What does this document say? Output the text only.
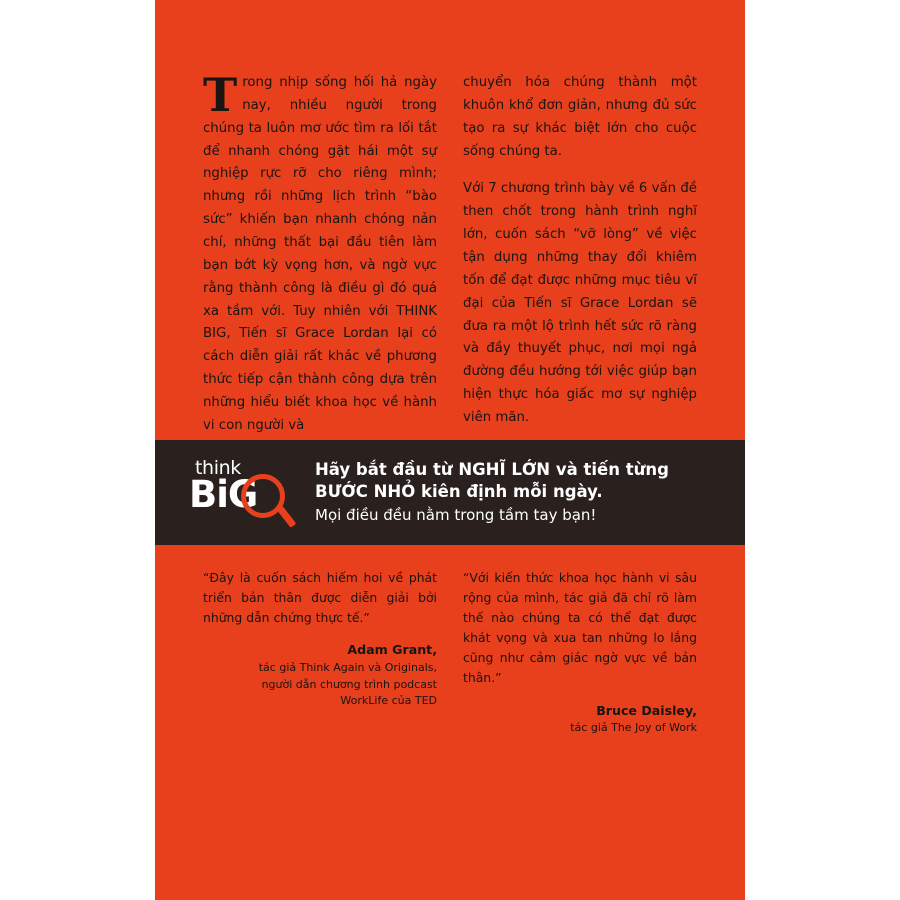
Trong nhịp sống hối hả ngày nay, nhiều người trong chúng ta luôn mơ ước tìm ra lối tắt để nhanh chóng gặt hái một sự nghiệp rực rỡ cho riêng mình; nhưng rồi những lịch trình “bào sức” khiến bạn nhanh chóng nản chí, những thất bại đầu tiên làm bạn bớt kỳ vọng hơn, và ngờ vực rằng thành công là điều gì đó quá xa tầm với. Tuy nhiên với THINK BIG, Tiến sĩ Grace Lordan lại có cách diễn giải rất khác về phương thức tiếp cận thành công dựa trên những hiểu biết khoa học về hành vi con người và

chuyển hóa chúng thành một khuôn khổ đơn giản, nhưng đủ sức tạo ra sự khác biệt lớn cho cuộc sống chúng ta.

Với 7 chương trình bày về 6 vấn đề then chốt trong hành trình nghĩ lớn, cuốn sách “vỡ lòng” về việc tận dụng những thay đổi khiêm tốn để đạt được những mục tiêu vĩ đại của Tiến sĩ Grace Lordan sẽ đưa ra một lộ trình hết sức rõ ràng và đầy thuyết phục, nơi mọi ngả đường đều hướng tới việc giúp bạn hiện thực hóa giấc mơ sự nghiệp viên mãn.

think
BiG
Hãy bắt đầu từ NGHĨ LỚN và tiến từng
BƯỚC NHỎ kiên định mỗi ngày.
Mọi điều đều nằm trong tầm tay bạn!

“Đây là cuốn sách hiếm hoi về phát triển bản thân được diễn giải bởi những dẫn chứng thực tế.”

Adam Grant,
tác giả Think Again và Originals,
người dẫn chương trình podcast
WorkLife của TED

“Với kiến thức khoa học hành vi sâu rộng của mình, tác giả đã chỉ rõ làm thế nào chúng ta có thể đạt được khát vọng và xua tan những lo lắng cũng như cảm giác ngờ vực về bản thân.”

Bruce Daisley,
tác giả The Joy of Work
